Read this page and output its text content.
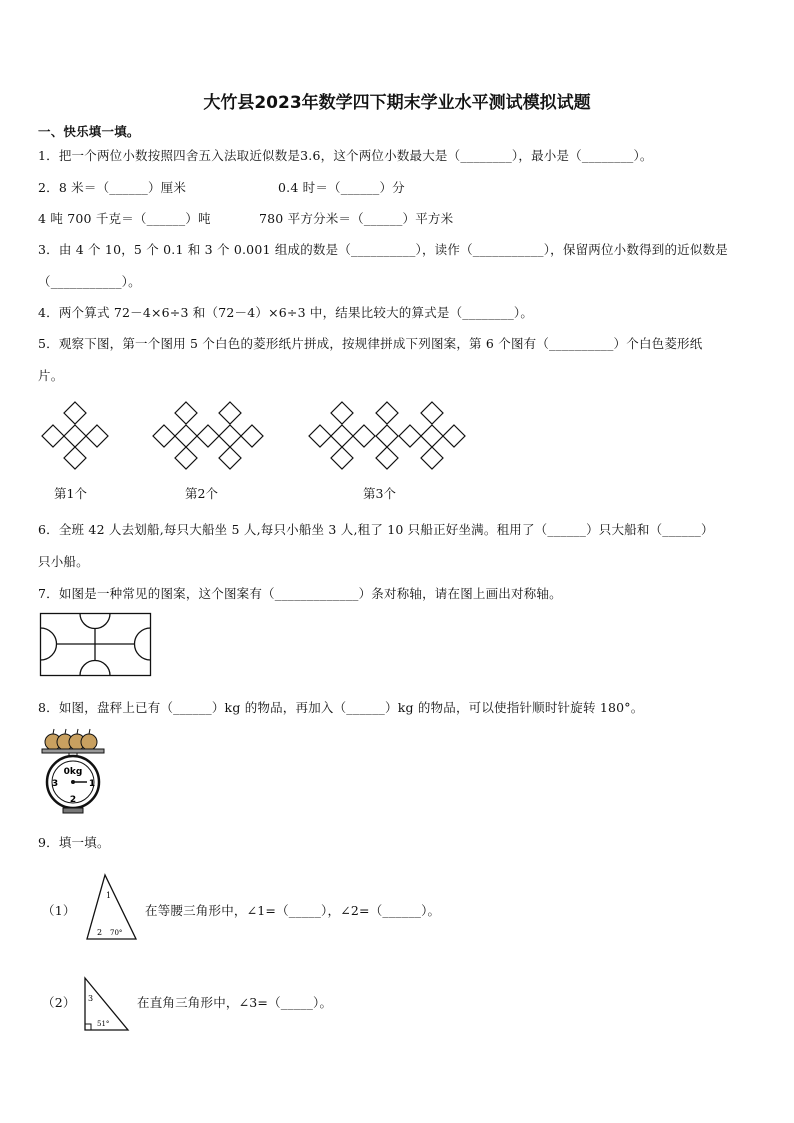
大竹县2023年数学四下期末学业水平测试模拟试题
一、快乐填一填。
1．把一个两位小数按照四舍五入法取近似数是3.6，这个两位小数最大是（________），最小是（________）。
2．8 米＝（______）厘米	0.4 时＝（______）分
4 吨 700 千克＝（______）吨	780 平方分米＝（______）平方米
3．由 4 个 10，5 个 0.1 和 3 个 0.001 组成的数是（__________），读作（___________），保留两位小数得到的近似数是
（___________）。
4．两个算式 72－4×6÷3 和（72－4）×6÷3 中，结果比较大的算式是（________）。
5．观察下图，第一个图用 5 个白色的菱形纸片拼成，按规律拼成下列图案，第 6 个图有（__________）个白色菱形纸
片。
第1个	第2个	第3个
6．全班 42 人去划船,每只大船坐 5 人,每只小船坐 3 人,租了 10 只船正好坐满。租用了（______）只大船和（______）
只小船。
7．如图是一种常见的图案，这个图案有（_____________）条对称轴，请在图上画出对称轴。
8．如图，盘秤上已有（______）kg 的物品，再加入（______）kg 的物品，可以使指针顺时针旋转 180°。
0kg
1
2
3
9．填一填。
（1）
1
2 70°
在等腰三角形中，∠1=（_____），∠2=（______）。
（2） 3
51°
在直角三角形中，∠3=（_____）。
